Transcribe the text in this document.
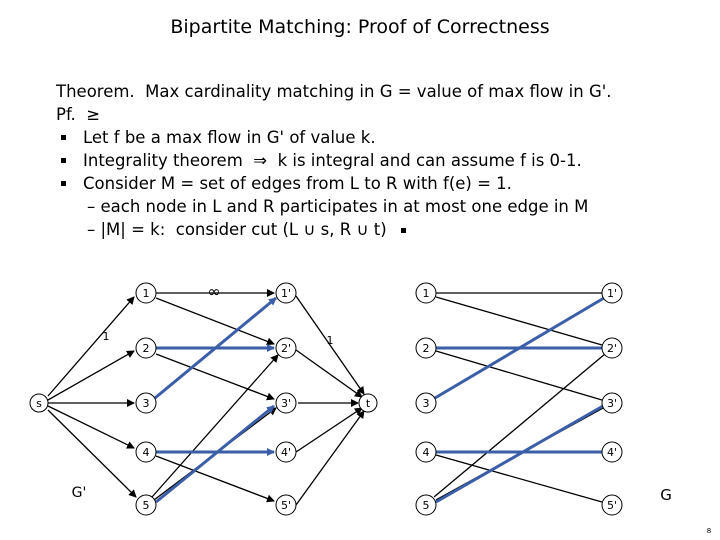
Bipartite Matching: Proof of Correctness
Theorem.  Max cardinality matching in G = value of max flow in G'.
Pf.  ≥
Let f be a max flow in G' of value k.
Integrality theorem  ⇒  k is integral and can assume f is 0-1.
Consider M = set of edges from L to R with f(e) = 1.
– each node in L and R participates in at most one edge in M
– |M| = k:  consider cut (L ∪ s, R ∪ t)
s	t
1
2
3
4
5
1'
2'
3'
4'
5'
∞
1	1
G'
1
2
3
4
5
1'
2'
3'
4'
5'
G
8
